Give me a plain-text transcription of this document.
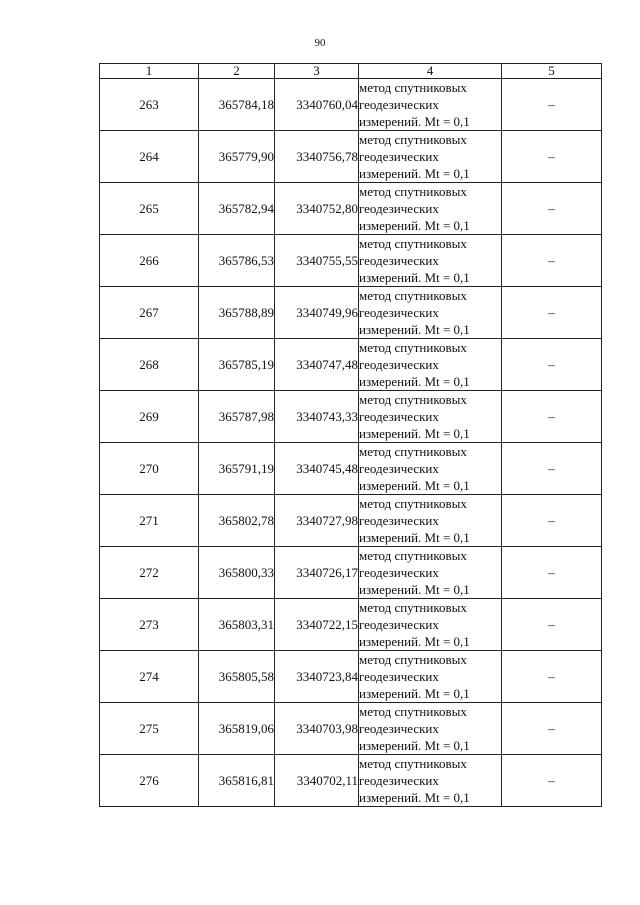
90
1	2	3	4	5
263	365784,18	3340760,04	метод спутниковых
геодезических
измерений. Mt = 0,1	–
264	365779,90	3340756,78	метод спутниковых
геодезических
измерений. Mt = 0,1	–
265	365782,94	3340752,80	метод спутниковых
геодезических
измерений. Mt = 0,1	–
266	365786,53	3340755,55	метод спутниковых
геодезических
измерений. Mt = 0,1	–
267	365788,89	3340749,96	метод спутниковых
геодезических
измерений. Mt = 0,1	–
268	365785,19	3340747,48	метод спутниковых
геодезических
измерений. Mt = 0,1	–
269	365787,98	3340743,33	метод спутниковых
геодезических
измерений. Mt = 0,1	–
270	365791,19	3340745,48	метод спутниковых
геодезических
измерений. Mt = 0,1	–
271	365802,78	3340727,98	метод спутниковых
геодезических
измерений. Mt = 0,1	–
272	365800,33	3340726,17	метод спутниковых
геодезических
измерений. Mt = 0,1	–
273	365803,31	3340722,15	метод спутниковых
геодезических
измерений. Mt = 0,1	–
274	365805,58	3340723,84	метод спутниковых
геодезических
измерений. Mt = 0,1	–
275	365819,06	3340703,98	метод спутниковых
геодезических
измерений. Mt = 0,1	–
276	365816,81	3340702,11	метод спутниковых
геодезических
измерений. Mt = 0,1	–
